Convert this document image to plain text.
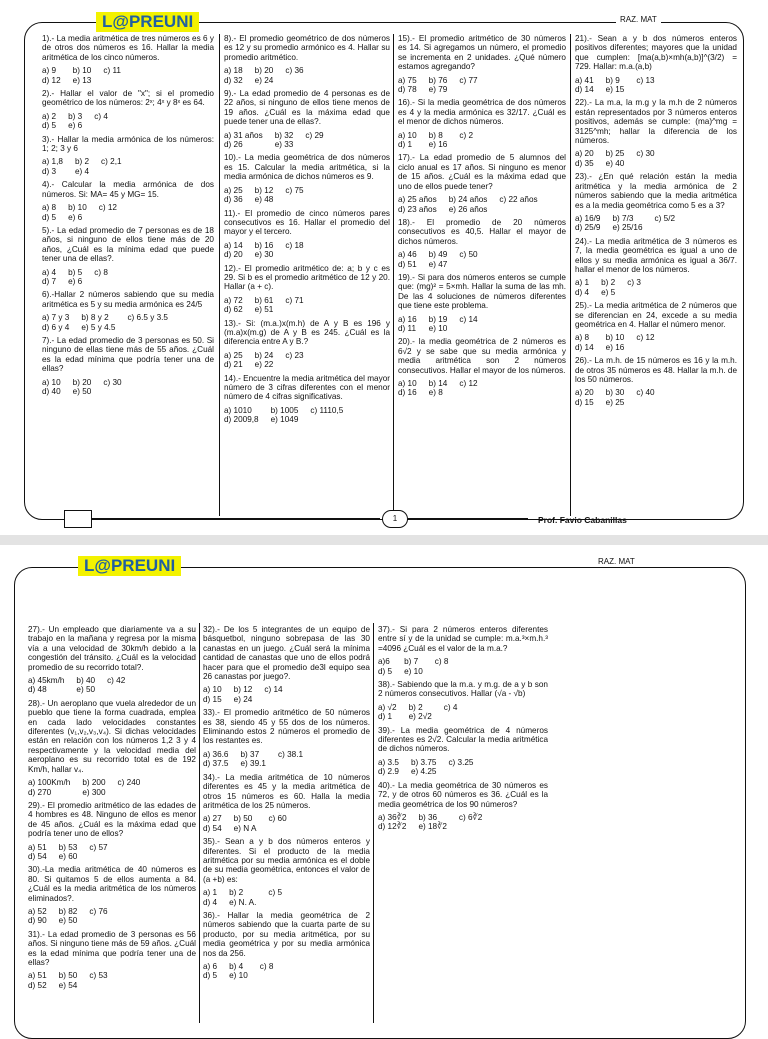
L@PREUNI	RAZ. MAT
1).- La media aritmética de tres números es 6 y de otros dos números es 16. Hallar la media aritmética de los cinco números.
a) 9	b) 10 c) 11
d) 12 e) 13
2).- Hallar el valor de "x"; si el promedio geométrico de los números: 2ˣ; 4ˣ y 8ˣ es 64.
a) 2 b) 3 c) 4
d) 5 e) 6
3).- Hallar la media armónica de los números: 1; 2; 3 y 6
a) 1,8 b) 2 c) 2,1
d) 3	e) 4
4).- Calcular la media armónica de dos números. Si: MA= 45 y MG= 15.
a) 8 b) 10 c) 12
d) 5 e) 6
5).- La edad promedio de 7 personas es de 18 años, si ninguno de ellos tiene más de 20 años, ¿Cuál es la mínima edad que puede tener una de ellas?.
a) 4 b) 5 c) 8
d) 7 e) 6
6).-Hallar 2 números sabiendo que su media aritmética es 5 y su media armónica es 24/5
a) 7 y 3 b) 8 y 2	c) 6.5 y 3.5
d) 6 y 4 e) 5 y 4.5
7).- La edad promedio de 3 personas es 50. Si ninguno de ellas tiene más de 55 años. ¿Cuál es la edad mínima que podría tener una de ellas?
a) 10 b) 20 c) 30
d) 40 e) 50
8).- El promedio geométrico de dos números es 12 y su promedio armónico es 4. Hallar su promedio aritmético.
a) 18 b) 20 c) 36
d) 32 e) 24
9).- La edad promedio de 4 personas es de 22 años, si ninguno de ellos tiene menos de 19 años. ¿Cuál es la máxima edad que puede tener una de ellas?.
a) 31 años b) 32 c) 29
d) 26	e) 33
10).- La media geométrica de dos números es 15. Calcular la media aritmética, si la media armónica de dichos números es 9.
a) 25 b) 12 c) 75
d) 36 e) 48
11).- El promedio de cinco números pares consecutivos es 16. Hallar el promedio del mayor y el tercero.
a) 14 b) 16 c) 18
d) 20 e) 30
12).- El promedio aritmético de: a; b y c es 29. Si b es el promedio aritmético de 12 y 20. Hallar (a + c).
a) 72 b) 61 c) 71
d) 62 e) 51
13).- Si: (m.a.)x(m.h) de A y B es 196 y (m.a)x(m.g) de A y B es 245. ¿Cuál es la diferencia entre A y B.?
a) 25 b) 24 c) 23
d) 21 e) 22
14).- Encuentre la media aritmética del mayor número de 3 cifras diferentes con el menor número de 4 cifras significativas.
a) 1010	b) 1005 c) 1110,5
d) 2009,8 e) 1049
15).- El promedio aritmético de 30 números es 14. Si agregamos un número, el promedio se incrementa en 2 unidades. ¿Qué número estamos agregando?
a) 75 b) 76 c) 77
d) 78 e) 79
16).- Si la media geométrica de dos números es 4 y la media armónica es 32/17. ¿Cuál es el menor de dichos números.
a) 10 b) 8	c) 2
d) 1	e) 16
17).- La edad promedio de 5 alumnos del ciclo anual es 17 años. Si ninguno es menor de 15 años. ¿Cuál es la máxima edad que uno de ellos puede tener?
a) 25 años b) 24 años c) 22 años
d) 23 años e) 26 años
18).- El promedio de 20 números consecutivos es 40,5. Hallar el mayor de dichos números.
a) 46 b) 49 c) 50
d) 51 e) 47
19).- Si para dos números enteros se cumple que: (mg)² = 5×mh. Hallar la suma de las mh. De las 4 soluciones de números diferentes que tiene este problema.
a) 16 b) 19 c) 14
d) 11 e) 10
20).- la media geométrica de 2 números es 6√2 y se sabe que su media armónica y media aritmética son 2 números consecutivos. Hallar el mayor de los números.
a) 10 b) 14 c) 12
d) 16 e) 8
21).- Sean a y b dos números enteros positivos diferentes; mayores que la unidad que cumplen: [ma(a,b)×mh(a,b)]^(3/2) = 729. Hallar: m.a.(a,b)
a) 41 b) 9	c) 13
d) 14 e) 15
22).- La m.a, la m.g y la m.h de 2 números están representados por 3 números enteros positivos, además se cumple: (ma)^mg = 3125^mh; hallar la diferencia de los números.
a) 20 b) 25 c) 30
d) 35 e) 40
23).- ¿En qué relación están la media aritmética y la media armónica de 2 números sabiendo que la media aritmética es a la media geométrica como 5 es a 3?
a) 16/9 b) 7/3	c) 5/2
d) 25/9 e) 25/16
24).- La media aritmética de 3 números es 7, la media geométrica es igual a uno de ellos y su media armónica es igual a 36/7. hallar el menor de los números.
a) 1 b) 2 c) 3
d) 4 e) 5
25).- La media aritmética de 2 números que se diferencian en 24, excede a su media geométrica en 4. Hallar el número menor.
a) 8	b) 10 c) 12
d) 14 e) 16
26).- La m.h. de 15 números es 16 y la m.h. de otros 35 números es 48. Hallar la m.h. de los 50 números.
a) 20 b) 30 c) 40
d) 15 e) 25
1	Prof. Favio Cabanillas
L@PREUNI	RAZ. MAT
27).- Un empleado que diariamente va a su trabajo en la mañana y regresa por la misma vía a una velocidad de 30km/h debido a la congestión del tránsito. ¿Cuál es la velocidad promedio de su recorrido total?.
a) 45km/h b) 40 c) 42
d) 48	e) 50
28).- Un aeroplano que vuela alrededor de un pueblo que tiene la forma cuadrada, emplea en cada lado velocidades constantes diferentes (v₁,v₂,v₃,v₄). Si dichas velocidades están en relación con los números 1,2 3 y 4 respectivamente y la velocidad media del aeroplano es su recorrido total es de 192 Km/h, hallar v₄.
a) 100Km/h b) 200 c) 240
d) 270	e) 300
29).- El promedio aritmético de las edades de 4 hombres es 48. Ninguno de ellos es menor de 45 años. ¿Cuál es la máxima edad que podría tener uno de ellos?
a) 51 b) 53 c) 57
d) 54 e) 60
30).-La media aritmética de 40 números es 80. Si quitamos 5 de ellos aumenta a 84. ¿Cuál es la media aritmética de los números eliminados?.
a) 52 b) 82 c) 76
d) 90 e) 50
31).- La edad promedio de 3 personas es 56 años. Si ninguno tiene más de 59 años. ¿Cuál es la edad mínima que podría tener una de ellas?
a) 51 b) 50 c) 53
d) 52 e) 54
32).- De los 5 integrantes de un equipo de básquetbol, ninguno sobrepasa de las 30 canastas en un juego. ¿Cuál será la mínima cantidad de canastas que uno de ellos podrá hacer para que el promedio de3l equipo sea 26 canastas por juego?.
a) 10 b) 12 c) 14
d) 15 e) 24
33).- El promedio aritmético de 50 números es 38, siendo 45 y 55 dos de los números. Eliminando estos 2 números el promedio de los restantes es.
a) 36.6 b) 37	c) 38.1
d) 37.5 e) 39.1
34).- La media aritmética de 10 números diferentes es 45 y la media aritmética de otros 15 números es 60. Halla la media aritmética de los 25 números.
a) 27 b) 50	c) 60
d) 54 e) N A
35).- Sean a y b dos números enteros y diferentes. Si el producto de la media aritmética por su media armónica es el doble de su media geométrica, entonces el valor de (a +b) es:
a) 1 b) 2	c) 5
d) 4 e) N. A.
36).- Hallar la media geométrica de 2 números sabiendo que la cuarta parte de su producto, por su media aritmética, por su media geométrica y por su media armónica nos da 256.
a) 6 b) 4	c) 8
d) 5 e) 10
37).- Si para 2 números enteros diferentes entre sí y de la unidad se cumple: m.a.³×m.h.³ =4096 ¿Cuál es el valor de la m.a.?
a)6 b) 7	c) 8
d) 5 e) 10
38).- Sabiendo que la m.a. y m.g. de a y b son 2 números consecutivos. Hallar (√a - √b)
a) √2 b) 2	c) 4
d) 1	e) 2√2
39).- La media geométrica de 4 números diferentes es 2√2. Calcular la media aritmética de dichos números.
a) 3.5 b) 3.75 c) 3.25
d) 2.9 e) 4.25
40).- La media geométrica de 30 números es 72, y de otros 60 números es 36. ¿Cuál es la media geométrica de los 90 números?
a) 36∛2 b) 36	c) 6∛2
d) 12∛2 e) 18∛2
